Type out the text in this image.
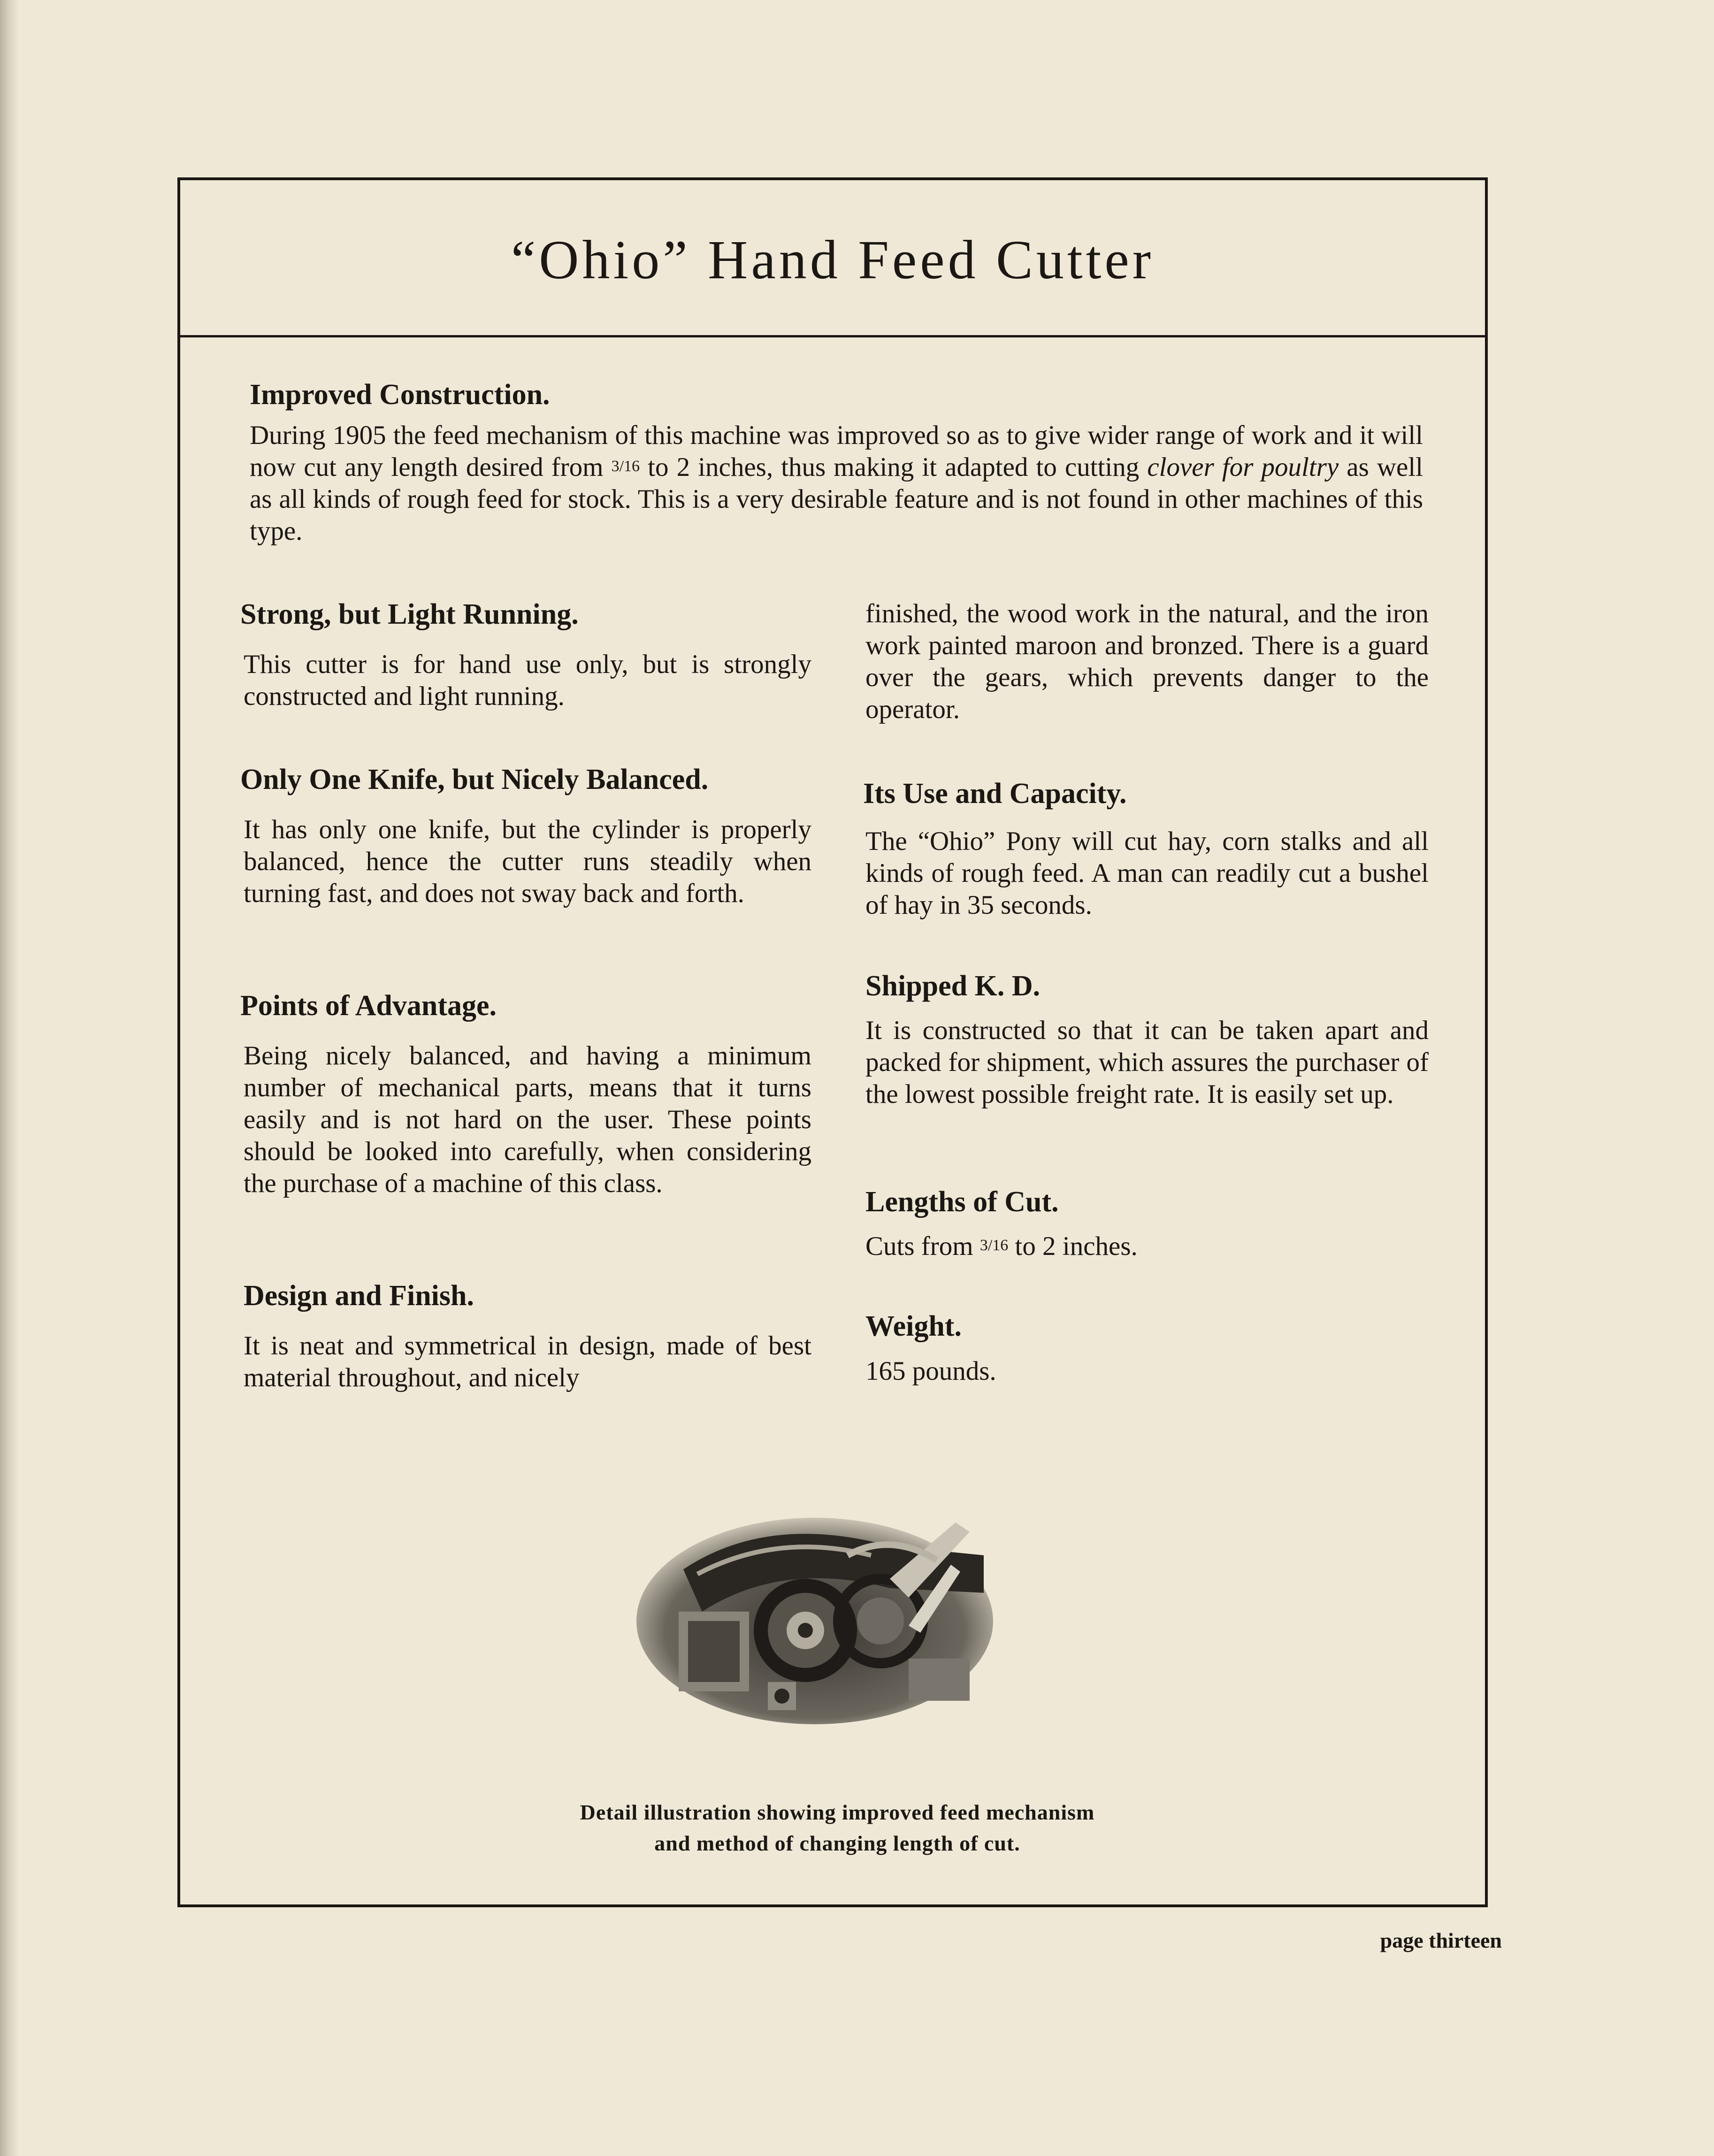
“Ohio” Hand Feed Cutter
Improved Construction.

During 1905 the feed mechanism of this machine was improved so as to give wider range of work and it will now cut any length desired from 3/16 to 2 inches, thus making it adapted to cutting clover for poultry as well as all kinds of rough feed for stock. This is a very desirable feature and is not found in other machines of this type.

Strong, but Light Running.

This cutter is for hand use only, but is strongly constructed and light running.

Only One Knife, but Nicely Balanced.

It has only one knife, but the cylinder is properly balanced, hence the cutter runs steadily when turning fast, and does not sway back and forth.

Points of Advantage.

Being nicely balanced, and having a minimum number of mechanical parts, means that it turns easily and is not hard on the user. These points should be looked into carefully, when considering the purchase of a machine of this class.

Design and Finish.

It is neat and symmetrical in design, made of best material throughout, and nicely

finished, the wood work in the natural, and the iron work painted maroon and bronzed. There is a guard over the gears, which prevents danger to the operator.

Its Use and Capacity.

The “Ohio” Pony will cut hay, corn stalks and all kinds of rough feed. A man can readily cut a bushel of hay in 35 seconds.

Shipped K. D.

It is constructed so that it can be taken apart and packed for shipment, which assures the purchaser of the lowest possible freight rate. It is easily set up.

Lengths of Cut.

Cuts from 3/16 to 2 inches.

Weight.

165 pounds.

Detail illustration showing improved feed mechanism
and method of changing length of cut.

page thirteen
